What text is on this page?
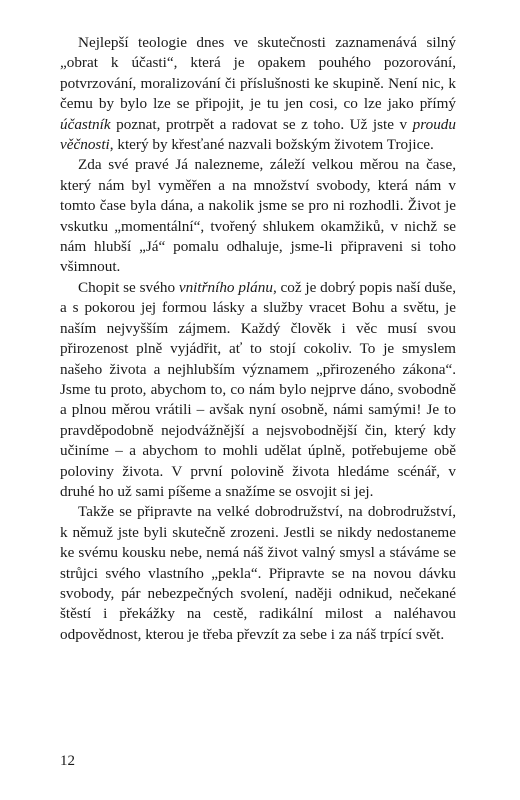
Nejlepší teologie dnes ve skutečnosti zaznamenává silný „obrat k účasti“, která je opakem pouhého pozorování, potvrzování, moralizování či příslušnosti ke skupině. Není nic, k čemu by bylo lze se připojit, je tu jen cosi, co lze jako přímý účastník poznat, protrpět a radovat se z toho. Už jste v proudu věčnosti, který by křesťané nazvali božským životem Trojice.

Zda své pravé Já nalezneme, záleží velkou měrou na čase, který nám byl vyměřen a na množství svobody, která nám v tomto čase byla dána, a nakolik jsme se pro ni rozhodli. Život je vskutku „momentální“, tvořený shlukem okamžiků, v nichž se nám hlubší „Já“ pomalu odhaluje, jsme-li připraveni si toho všimnout.

Chopit se svého vnitřního plánu, což je dobrý popis naší duše, a s pokorou jej formou lásky a služby vracet Bohu a světu, je naším nejvyšším zájmem. Každý člověk i věc musí svou přirozenost plně vyjádřit, ať to stojí cokoliv. To je smyslem našeho života a nejhlubším významem „přirozeného zákona“. Jsme tu proto, abychom to, co nám bylo nejprve dáno, svobodně a plnou měrou vrátili – avšak nyní osobně, námi samými! Je to pravděpodobně nejodvážnější a nejsvobodnější čin, který kdy učiníme – a abychom to mohli udělat úplně, potřebujeme obě poloviny života. V první polovině života hledáme scénář, v druhé ho už sami píšeme a snažíme se osvojit si jej.

Takže se připravte na velké dobrodružství, na dobrodružství, k němuž jste byli skutečně zrozeni. Jestli se nikdy nedostaneme ke svému kousku nebe, nemá náš život valný smysl a stáváme se strůjci svého vlastního „pekla“. Připravte se na novou dávku svobody, pár nebezpečných svolení, naději odnikud, nečekané štěstí i překážky na cestě, radikální milost a naléhavou odpovědnost, kterou je třeba převzít za sebe i za náš trpící svět.

12
